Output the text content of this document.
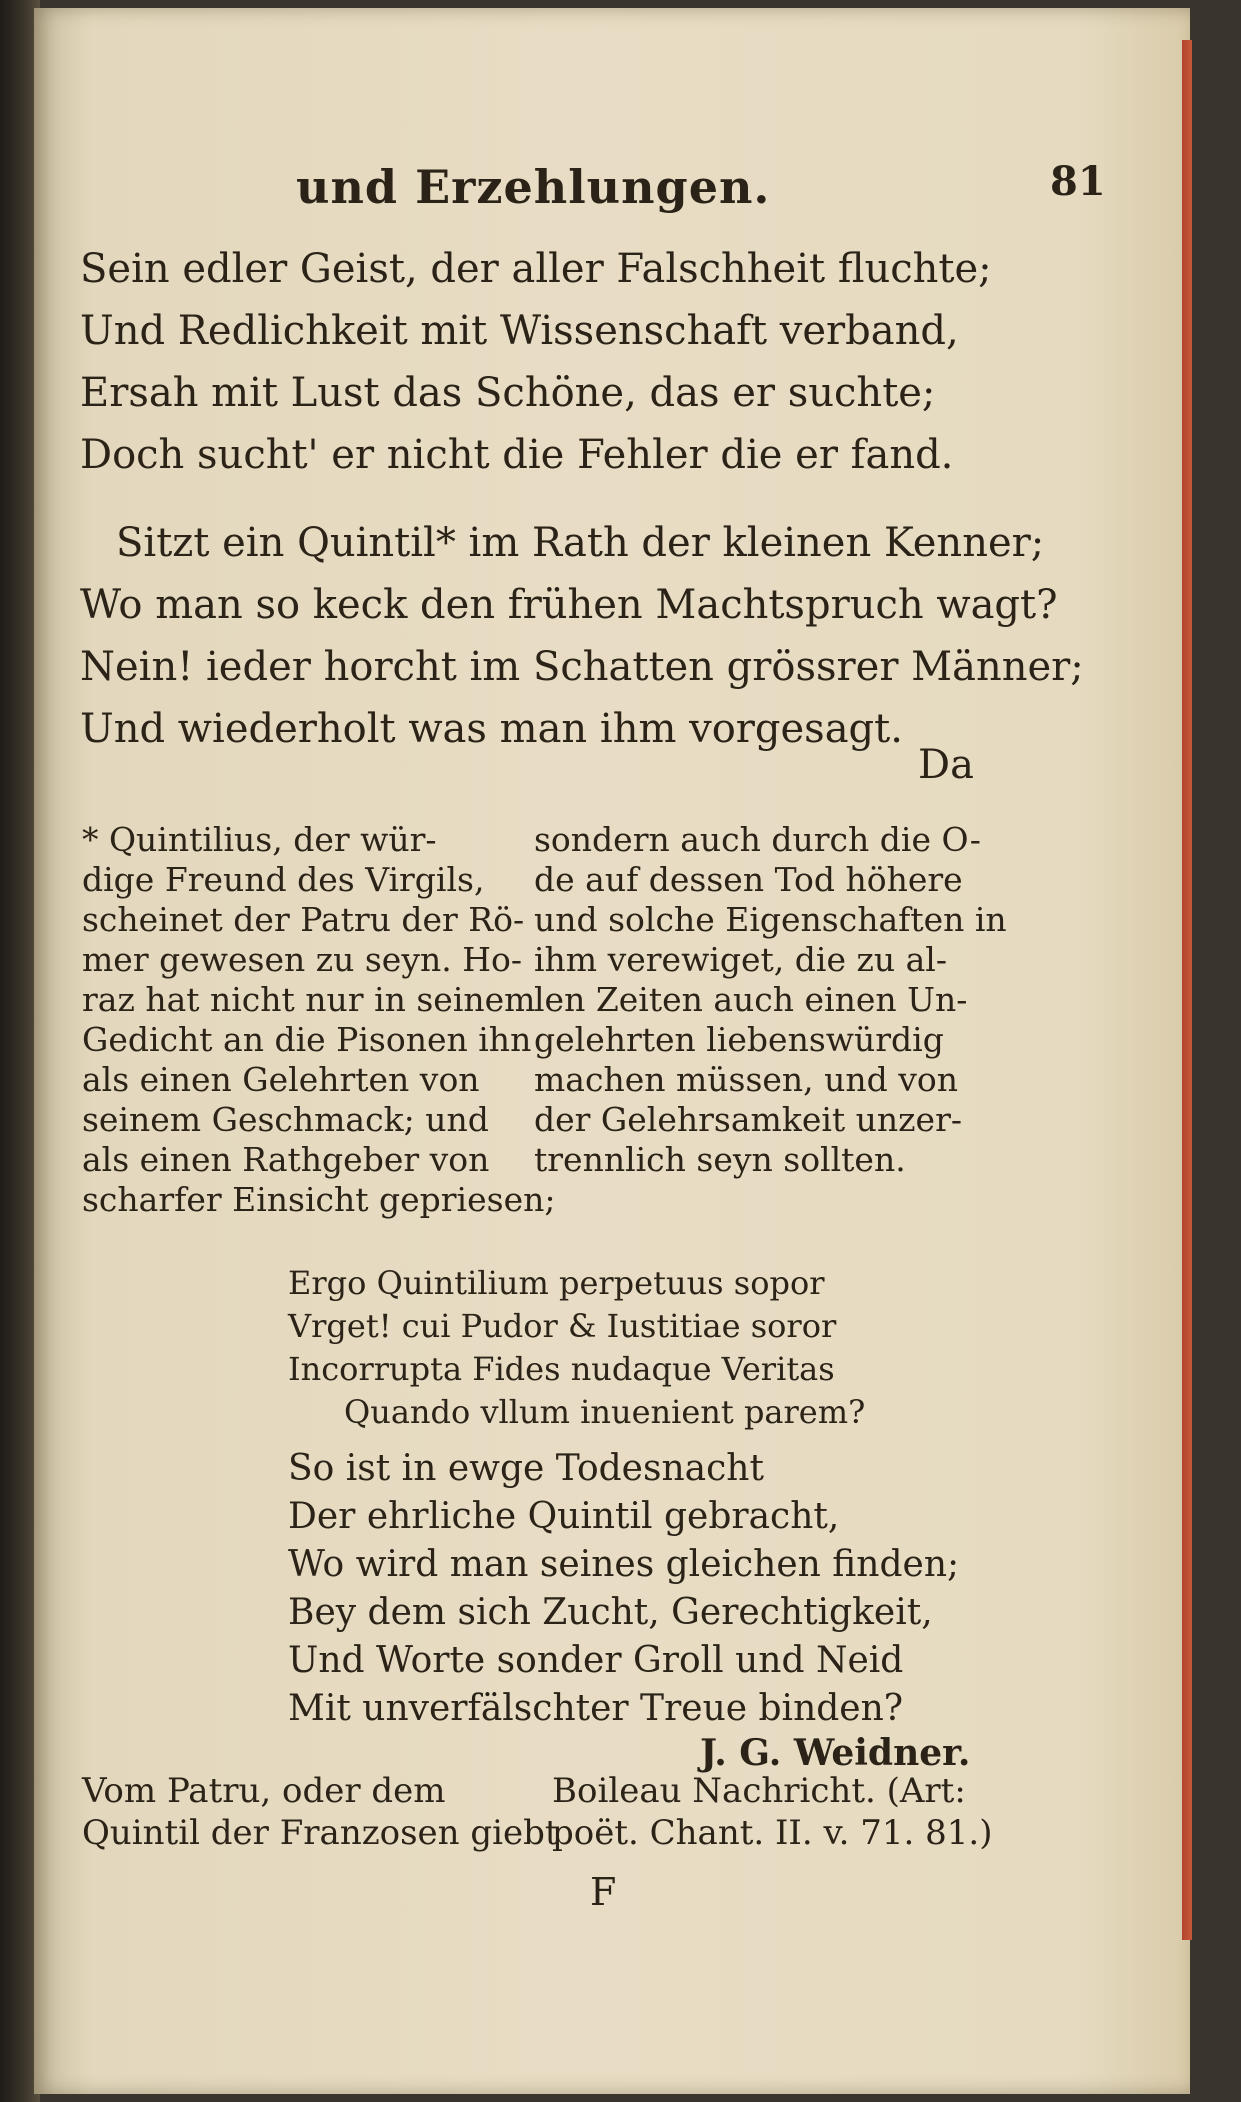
und Erzehlungen.	81
Sein edler Geist, der aller Falschheit fluchte;
Und Redlichkeit mit Wissenschaft verband,
Ersah mit Lust das Schöne, das er suchte;
Doch sucht' er nicht die Fehler die er fand.
Sitzt ein Quintil* im Rath der kleinen Kenner;
Wo man so keck den frühen Machtspruch wagt?
Nein! ieder horcht im Schatten grössrer Männer;
Und wiederholt was man ihm vorgesagt.
Da
* Quintilius, der wür-
dige Freund des Virgils,
scheinet der Patru der Rö-
mer gewesen zu seyn. Ho-
raz hat nicht nur in seinem
Gedicht an die Pisonen ihn
als einen Gelehrten von
seinem Geschmack; und
als einen Rathgeber von
scharfer Einsicht gepriesen;
sondern auch durch die O-
de auf dessen Tod höhere
und solche Eigenschaften in
ihm verewiget, die zu al-
len Zeiten auch einen Un-
gelehrten liebenswürdig
machen müssen, und von
der Gelehrsamkeit unzer-
trennlich seyn sollten.
Ergo Quintilium perpetuus sopor
Vrget! cui Pudor & Iustitiae soror
Incorrupta Fides nudaque Veritas
Quando vllum inuenient parem?
So ist in ewge Todesnacht
Der ehrliche Quintil gebracht,
Wo wird man seines gleichen finden;
Bey dem sich Zucht, Gerechtigkeit,
Und Worte sonder Groll und Neid
Mit unverfälschter Treue binden?
J. G. Weidner.
Vom Patru, oder dem
Quintil der Franzosen giebt
Boileau Nachricht. (Art:
poët. Chant. II. v. 71. 81.)
F
